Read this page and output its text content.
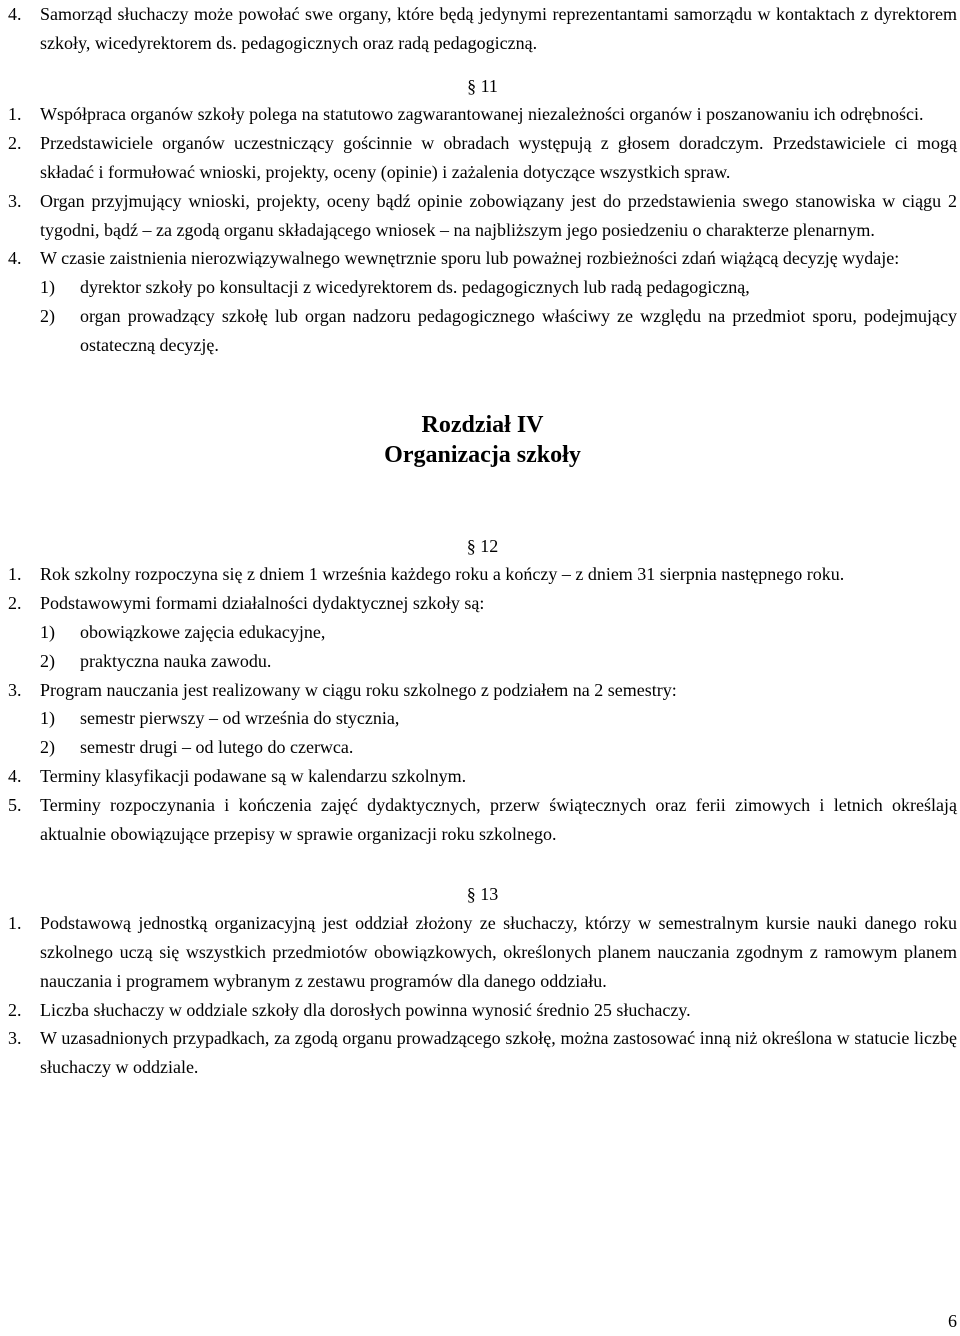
4. Samorząd słuchaczy może powołać swe organy, które będą jedynymi reprezentantami samorządu w kontaktach z dyrektorem szkoły, wicedyrektorem ds. pedagogicznych oraz radą pedagogiczną.
§ 11
1. Współpraca organów szkoły polega na statutowo zagwarantowanej niezależności organów i poszanowaniu ich odrębności.
2. Przedstawiciele organów uczestniczący gościnnie w obradach występują z głosem doradczym. Przedstawiciele ci mogą składać i formułować wnioski, projekty, oceny (opinie) i zażalenia dotyczące wszystkich spraw.
3. Organ przyjmujący wnioski, projekty, oceny bądź opinie zobowiązany jest do przedstawienia swego stanowiska w ciągu 2 tygodni, bądź – za zgodą organu składającego wniosek – na najbliższym jego posiedzeniu o charakterze plenarnym.
4. W czasie zaistnienia nierozwiązywalnego wewnętrznie sporu lub poważnej rozbieżności zdań wiążącą decyzję wydaje:
1) dyrektor szkoły po konsultacji z wicedyrektorem ds. pedagogicznych lub radą pedagogiczną,
2) organ prowadzący szkołę lub organ nadzoru pedagogicznego właściwy ze względu na przedmiot sporu, podejmujący ostateczną decyzję.
Rozdział IV
Organizacja szkoły
§ 12
1. Rok szkolny rozpoczyna się z dniem 1 września każdego roku a kończy – z dniem 31 sierpnia następnego roku.
2. Podstawowymi formami działalności dydaktycznej szkoły są:
1) obowiązkowe zajęcia edukacyjne,
2) praktyczna nauka zawodu.
3. Program nauczania jest realizowany w ciągu roku szkolnego z podziałem na 2 semestry:
1) semestr pierwszy – od września do stycznia,
2) semestr drugi – od lutego do czerwca.
4. Terminy klasyfikacji podawane są w kalendarzu szkolnym.
5. Terminy rozpoczynania i kończenia zajęć dydaktycznych, przerw świątecznych oraz ferii zimowych i letnich określają aktualnie obowiązujące przepisy w sprawie organizacji roku szkolnego.
§ 13
1. Podstawową jednostką organizacyjną jest oddział złożony ze słuchaczy, którzy w semestralnym kursie nauki danego roku szkolnego uczą się wszystkich przedmiotów obowiązkowych, określonych planem nauczania zgodnym z ramowym planem nauczania i programem wybranym z zestawu programów dla danego oddziału.
2. Liczba słuchaczy w oddziale szkoły dla dorosłych powinna wynosić średnio 25 słuchaczy.
3. W uzasadnionych przypadkach, za zgodą organu prowadzącego szkołę, można zastosować inną niż określona w statucie liczbę słuchaczy w oddziale.
6
